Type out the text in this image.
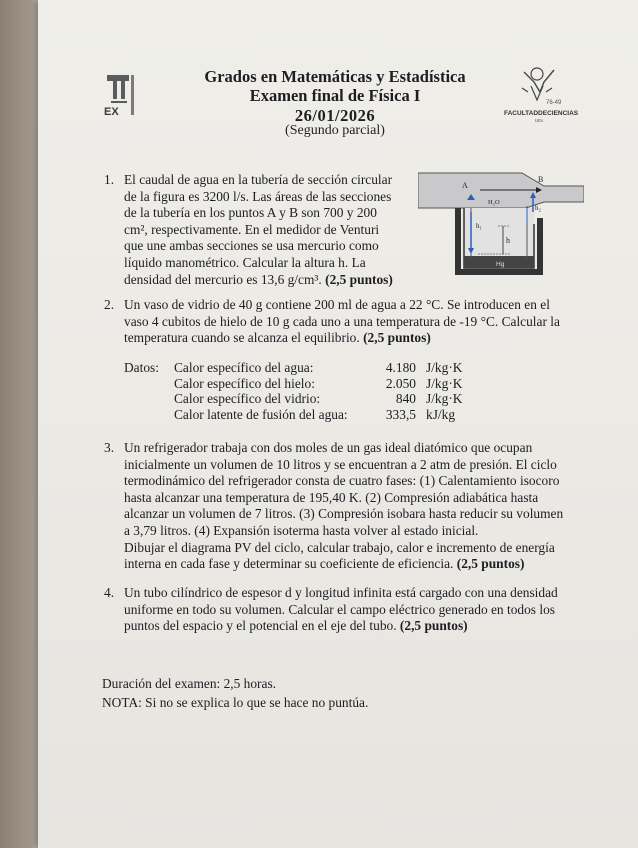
EX
76-49
FACULTADDECIENCIAS
UEx
Grados en Matemáticas y Estadística
Examen final de Física I
26/01/2026
(Segundo parcial)
1. El caudal de agua en la tubería de sección circular

de la figura es 3200 l/s. Las áreas de las secciones

de la tubería en los puntos A y B son 700 y 200

cm², respectivamente. En el medidor de Venturi

que une ambas secciones se usa mercurio como

líquido manométrico. Calcular la altura h. La

densidad del mercurio es 13,6 g/cm³. (2,5 puntos)

h
h₁
h₂
A
B
H₂O
Hg
2. Un vaso de vidrio de 40 g contiene 200 ml de agua a 22 °C. Se introducen en el

vaso 4 cubitos de hielo de 10 g cada uno a una temperatura de -19 °C. Calcular la

temperatura cuando se alcanza el equilibrio. (2,5 puntos)

Datos: Calor específico del agua:	4.180 J/kg·K
Calor específico del hielo:	2.050 J/kg·K
Calor específico del vidrio:	840 J/kg·K
Calor latente de fusión del agua:	333,5 kJ/kg
3. Un refrigerador trabaja con dos moles de un gas ideal diatómico que ocupan

inicialmente un volumen de 10 litros y se encuentran a 2 atm de presión. El ciclo

termodinámico del refrigerador consta de cuatro fases: (1) Calentamiento isocoro

hasta alcanzar una temperatura de 195,40 K. (2) Compresión adiabática hasta

alcanzar un volumen de 7 litros. (3) Compresión isobara hasta reducir su volumen

a 3,79 litros. (4) Expansión isoterma hasta volver al estado inicial.

Dibujar el diagrama PV del ciclo, calcular trabajo, calor e incremento de energía

interna en cada fase y determinar su coeficiente de eficiencia. (2,5 puntos)

4. Un tubo cilíndrico de espesor d y longitud infinita está cargado con una densidad

uniforme en todo su volumen. Calcular el campo eléctrico generado en todos los

puntos del espacio y el potencial en el eje del tubo. (2,5 puntos)

Duración del examen: 2,5 horas.
NOTA: Si no se explica lo que se hace no puntúa.
